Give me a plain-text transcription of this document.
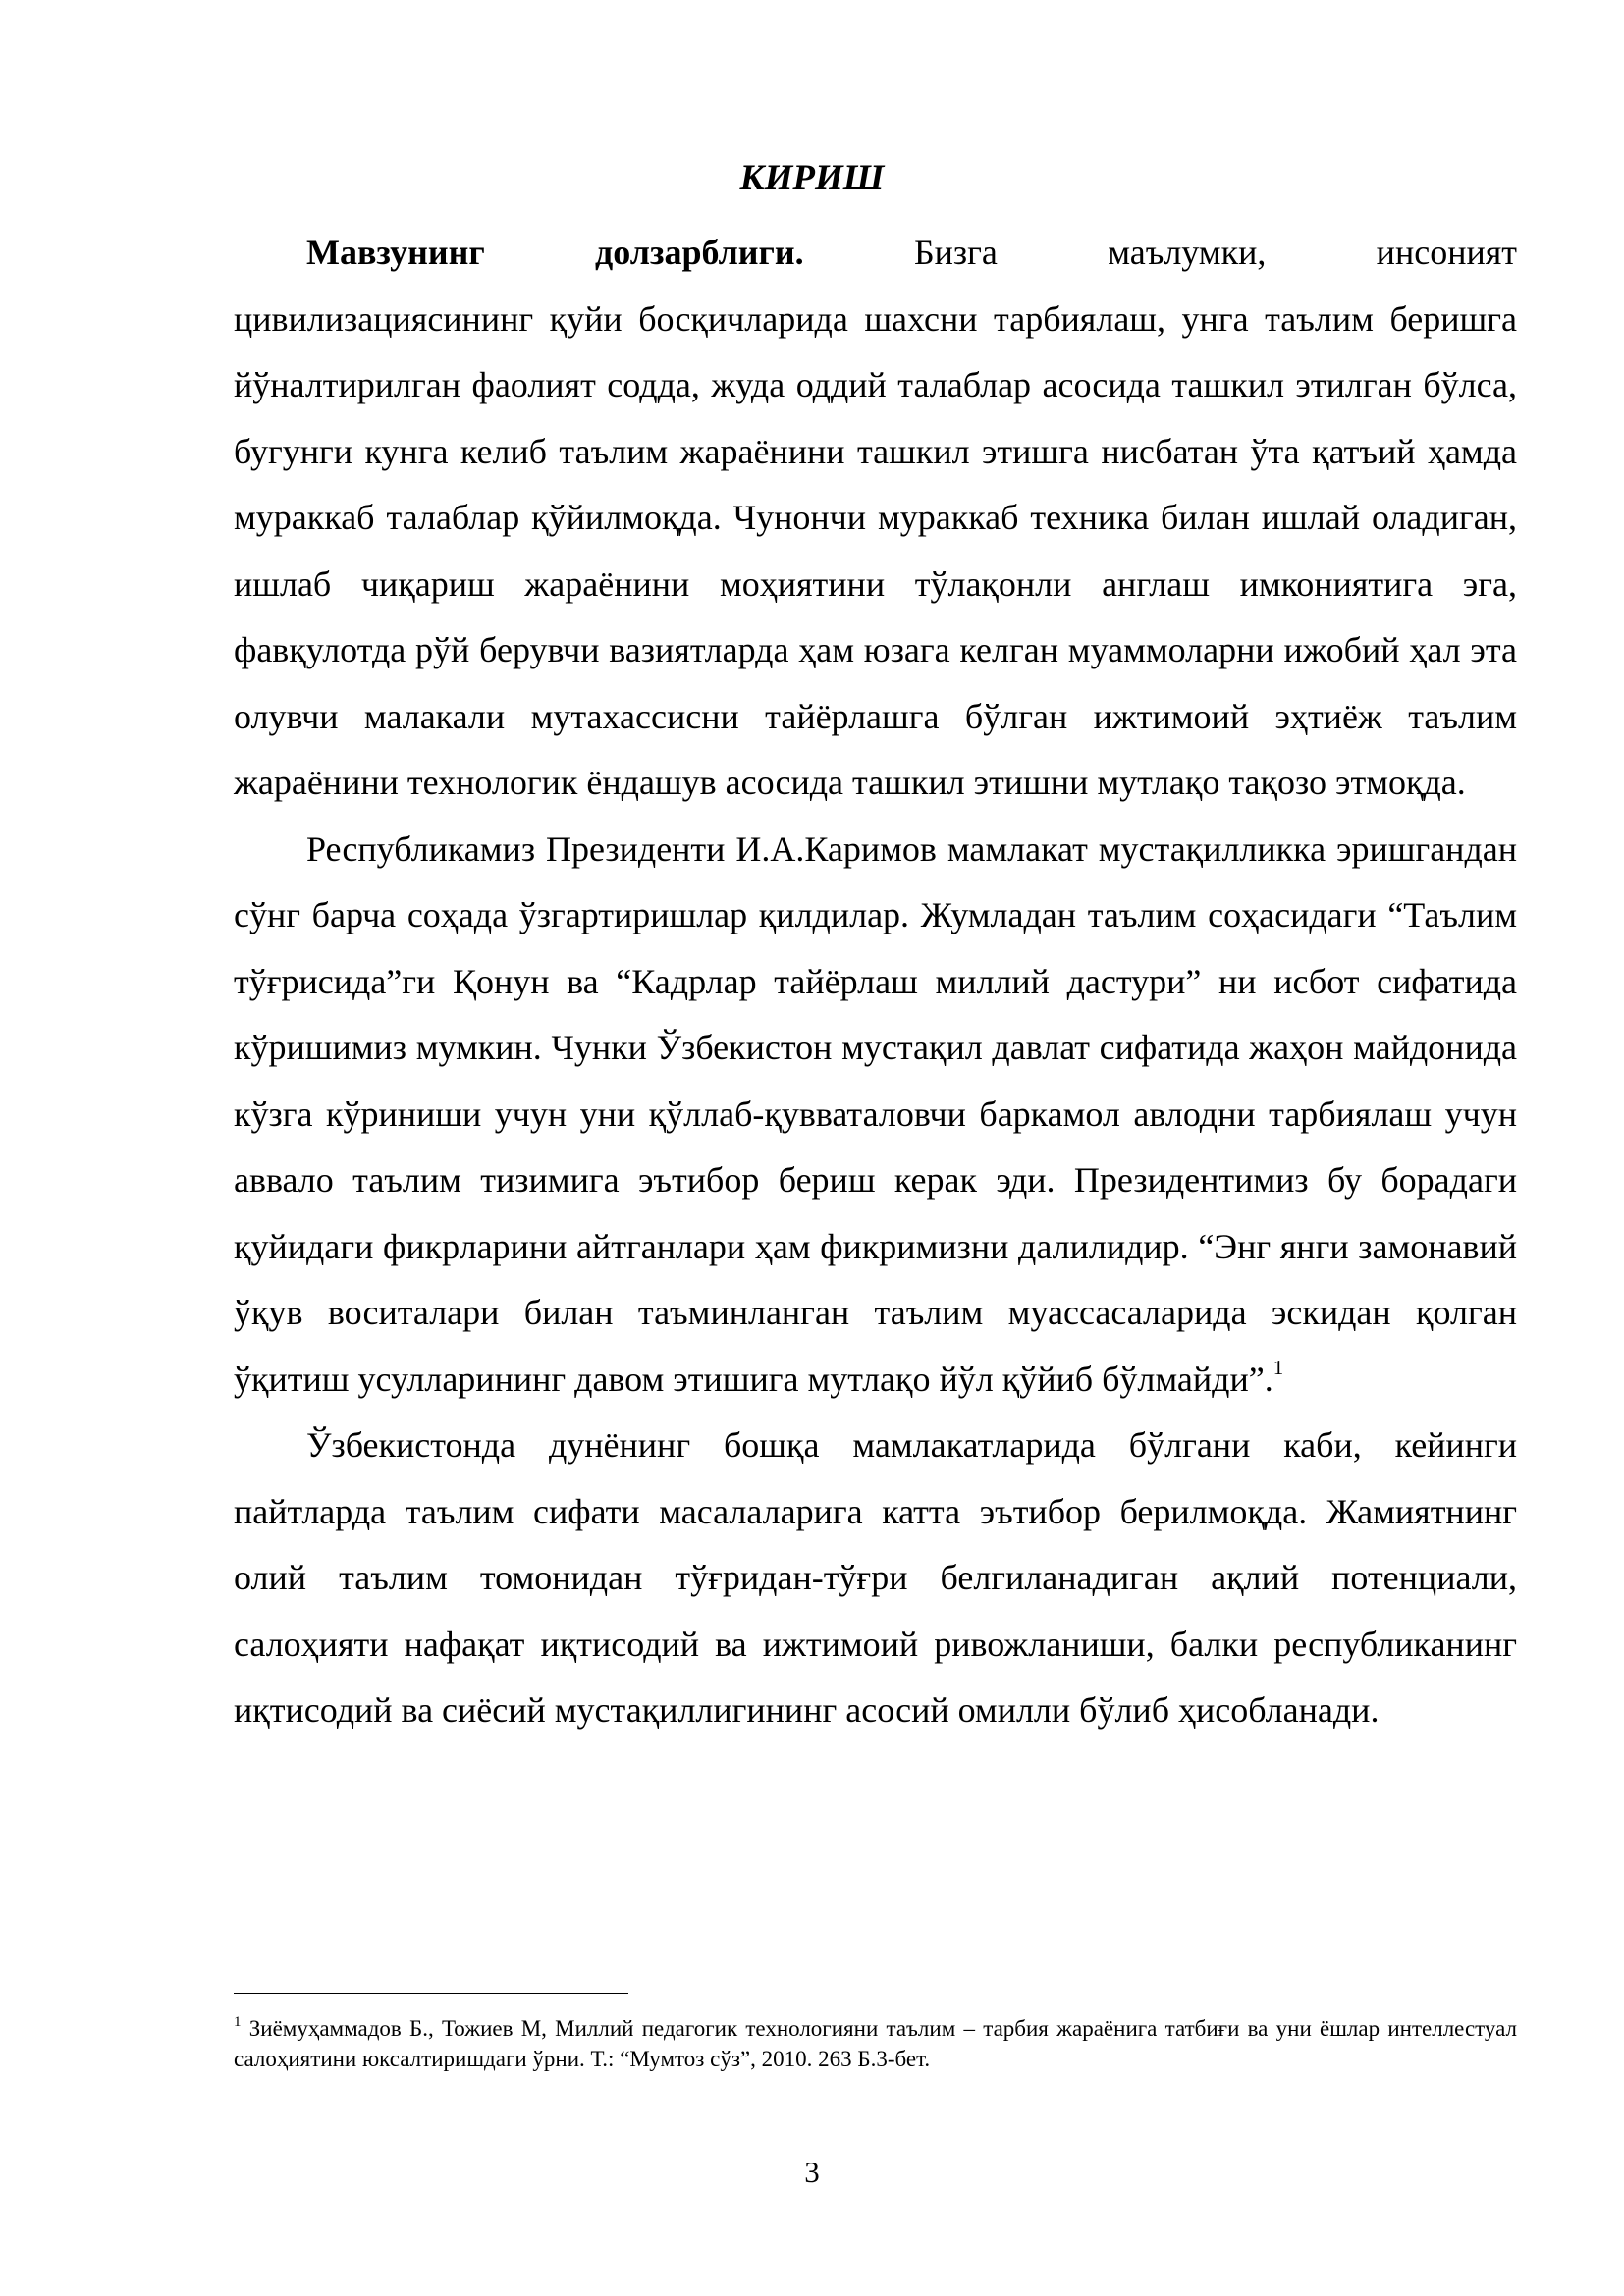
КИРИШ

Мавзунинг долзарблиги.	Бизга маълумки, инсоният цивилизациясининг қуйи босқичларида шахсни тарбиялаш, унга таълим беришга йўналтирилган фаолият содда, жуда оддий талаблар асосида ташкил этилган бўлса, бугунги кунга келиб таълим жараёнини ташкил этишга нисбатан ўта қатъий ҳамда мураккаб талаблар қўйилмоқда. Чунончи мураккаб техника билан ишлай оладиган, ишлаб чиқариш жараёнини моҳиятини тўлақонли англаш имкониятига эга, фавқулотда рўй берувчи вазиятларда ҳам юзага келган муаммоларни ижобий ҳал эта олувчи малакали мутахассисни тайёрлашга бўлган ижтимоий эҳтиёж таълим жараёнини технологик ёндашув асосида ташкил этишни мутлақо тақозо этмоқда.

Республикамиз Президенти И.А.Каримов мамлакат мустақилликка эришгандан сўнг барча соҳада ўзгартиришлар қилдилар. Жумладан таълим соҳасидаги “Таълим тўғрисида”ги Қонун ва “Кадрлар тайёрлаш миллий дастури” ни исбот сифатида кўришимиз мумкин. Чунки Ўзбекистон мустақил давлат сифатида жаҳон майдонида кўзга кўриниши учун уни қўллаб-қувваталовчи баркамол авлодни тарбиялаш учун аввало таълим тизимига эътибор бериш керак эди. Президентимиз бу борадаги қуйидаги фикрларини айтганлари ҳам фикримизни далилидир. “Энг янги замонавий ўқув воситалари билан таъминланган таълим муассасаларида эскидан қолган ўқитиш усулларининг давом этишига мутлақо йўл қўйиб бўлмайди”.$^1$

Ўзбекистонда дунёнинг бошқа мамлакатларида бўлгани каби, кейинги пайтларда таълим сифати масалаларига катта эътибор берилмоқда. Жамиятнинг олий таълим томонидан тўғридан-тўғри белгиланадиган ақлий потенциали, салоҳияти нафақат иқтисодий ва ижтимоий ривожланиши, балки республиканинг иқтисодий ва сиёсий мустақиллигининг асосий омилли бўлиб ҳисобланади.

$^1$ Зиёмуҳаммадов Б., Тожиев М, Миллий педагогик технологияни таълим – тарбия жараёнига татбиғи ва уни ёшлар интеллестуал салоҳиятини юксалтиришдаги ўрни. Т.: “Мумтоз сўз”, 2010. 263 Б.3-бет.
3
